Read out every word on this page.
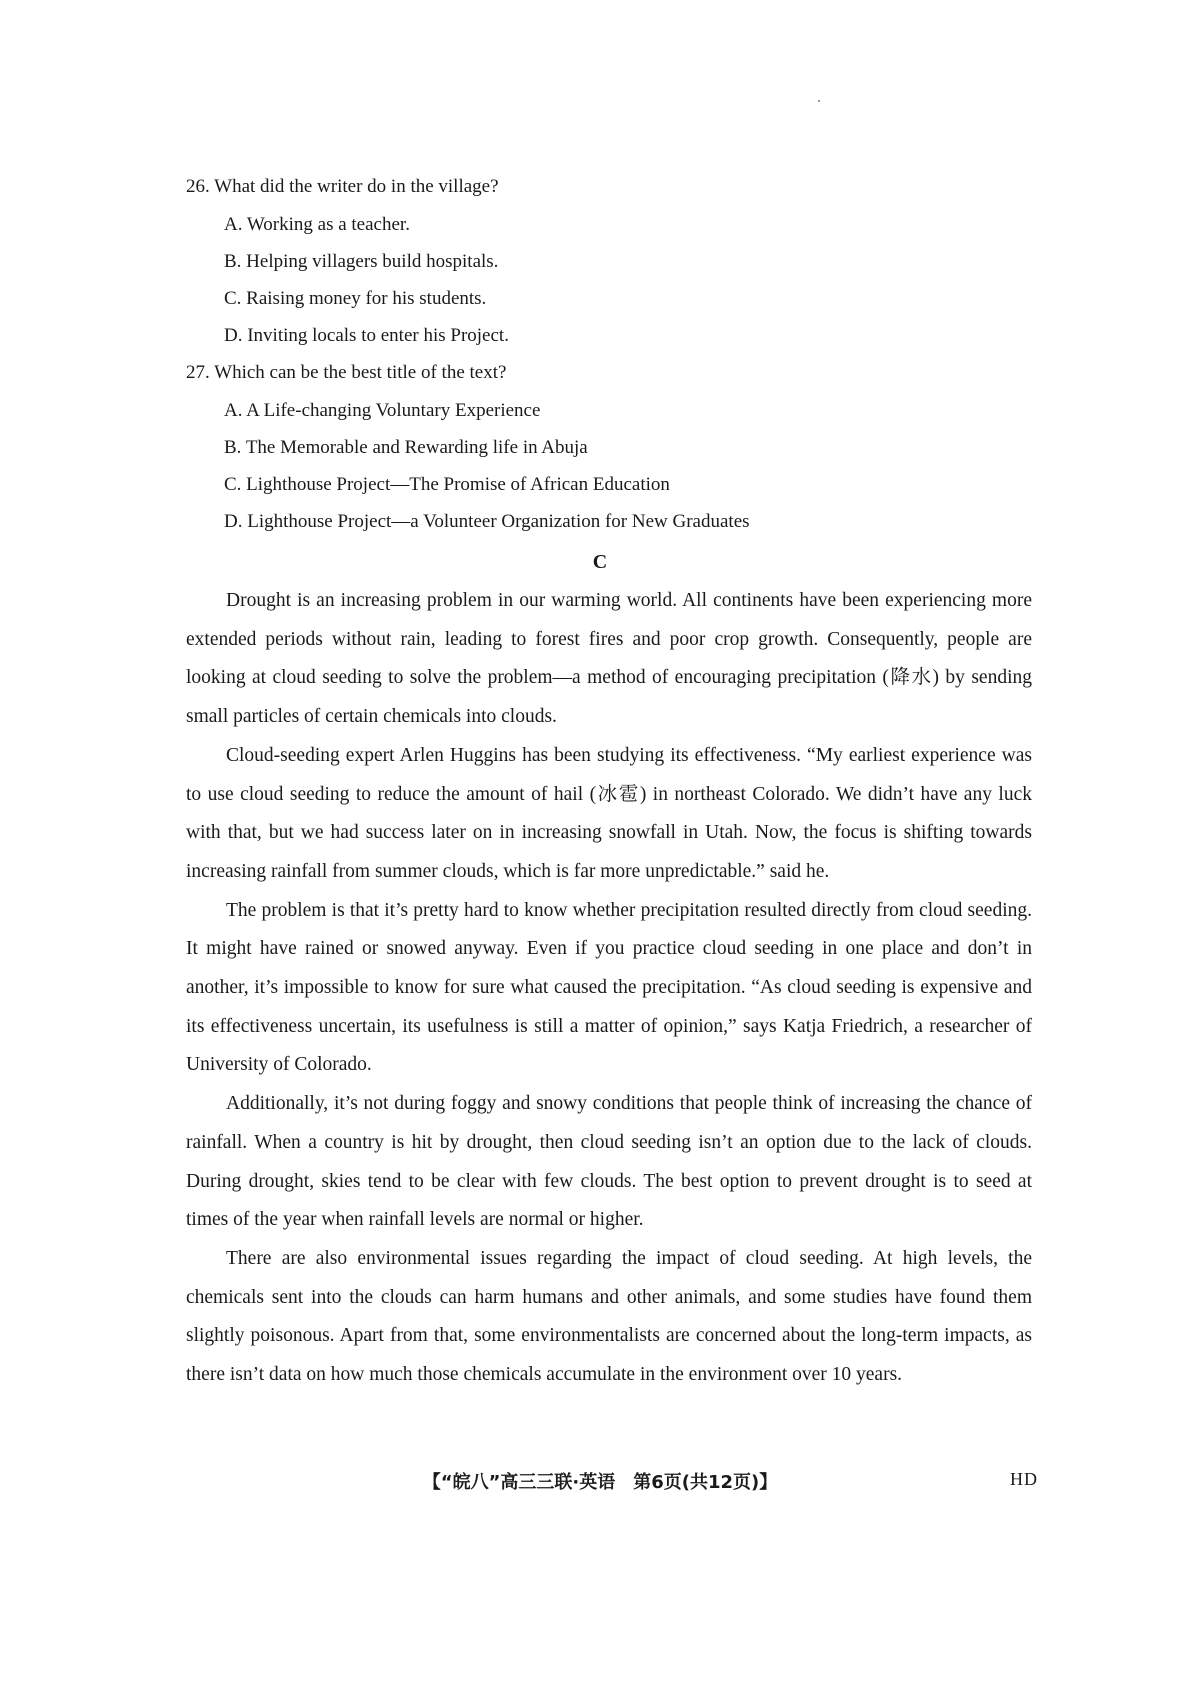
26. What did the writer do in the village?

A. Working as a teacher.

B. Helping villagers build hospitals.

C. Raising money for his students.

D. Inviting locals to enter his Project.

27. Which can be the best title of the text?

A. A Life-changing Voluntary Experience

B. The Memorable and Rewarding life in Abuja

C. Lighthouse Project—The Promise of African Education

D. Lighthouse Project—a Volunteer Organization for New Graduates

C

Drought is an increasing problem in our warming world. All continents have been experiencing more extended periods without rain, leading to forest fires and poor crop growth. Consequently, people are looking at cloud seeding to solve the problem—a method of encouraging precipitation (降水) by sending small particles of certain chemicals into clouds.

Cloud-seeding expert Arlen Huggins has been studying its effectiveness. “My earliest experience was to use cloud seeding to reduce the amount of hail (冰雹) in northeast Colorado. We didn’t have any luck with that, but we had success later on in increasing snowfall in Utah. Now, the focus is shifting towards increasing rainfall from summer clouds, which is far more unpredictable.” said he.

The problem is that it’s pretty hard to know whether precipitation resulted directly from cloud seeding. It might have rained or snowed anyway. Even if you practice cloud seeding in one place and don’t in another, it’s impossible to know for sure what caused the precipitation. “As cloud seeding is expensive and its effectiveness uncertain, its usefulness is still a matter of opinion,” says Katja Friedrich, a researcher of University of Colorado.

Additionally, it’s not during foggy and snowy conditions that people think of increasing the chance of rainfall. When a country is hit by drought, then cloud seeding isn’t an option due to the lack of clouds. During drought, skies tend to be clear with few clouds. The best option to prevent drought is to seed at times of the year when rainfall levels are normal or higher.

There are also environmental issues regarding the impact of cloud seeding. At high levels, the chemicals sent into the clouds can harm humans and other animals, and some studies have found them slightly poisonous. Apart from that, some environmentalists are concerned about the long-term impacts, as there isn’t data on how much those chemicals accumulate in the environment over 10 years.

【“皖八”高三三联·英语　第6页(共12页)】	HD
